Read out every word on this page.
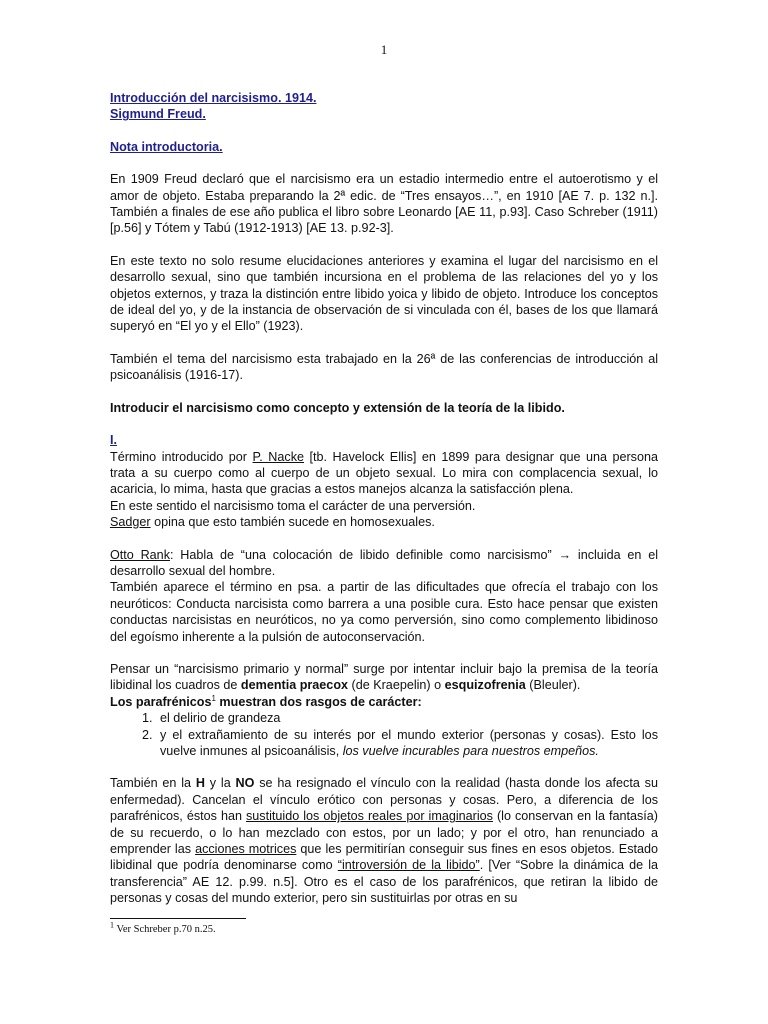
1
Introducción del narcisismo. 1914.
Sigmund Freud.

Nota introductoria.

En 1909 Freud declaró que el narcisismo era un estadio intermedio entre el autoerotismo y el amor de objeto. Estaba preparando la 2ª edic. de “Tres ensayos…”, en 1910 [AE 7. p. 132 n.]. También a finales de ese año publica el libro sobre Leonardo [AE 11, p.93]. Caso Schreber (1911) [p.56] y Tótem y Tabú (1912-1913) [AE 13. p.92-3].

En este texto no solo resume elucidaciones anteriores y examina el lugar del narcisismo en el desarrollo sexual, sino que también incursiona en el problema de las relaciones del yo y los objetos externos, y traza la distinción entre libido yoica y libido de objeto. Introduce los conceptos de ideal del yo, y de la instancia de observación de si vinculada con él, bases de los que llamará superyó en “El yo y el Ello” (1923).

También el tema del narcisismo esta trabajado en la 26ª de las conferencias de introducción al psicoanálisis (1916-17).

Introducir el narcisismo como concepto y extensión de la teoría de la libido.

I.

Término introducido por P. Nacke [tb. Havelock Ellis] en 1899 para designar que una persona trata a su cuerpo como al cuerpo de un objeto sexual. Lo mira con complacencia sexual, lo acaricia, lo mima, hasta que gracias a estos manejos alcanza la satisfacción plena.

En este sentido el narcisismo toma el carácter de una perversión.

Sadger opina que esto también sucede en homosexuales.

Otto Rank: Habla de “una colocación de libido definible como narcisismo” → incluida en el desarrollo sexual del hombre.

También aparece el término en psa. a partir de las dificultades que ofrecía el trabajo con los neuróticos: Conducta narcisista como barrera a una posible cura. Esto hace pensar que existen conductas narcisistas en neuróticos, no ya como perversión, sino como complemento libidinoso del egoísmo inherente a la pulsión de autoconservación.

Pensar un “narcisismo primario y normal” surge por intentar incluir bajo la premisa de la teoría libidinal los cuadros de dementia praecox (de Kraepelin) o esquizofrenia (Bleuler).

Los parafrénicos$^1$ muestran dos rasgos de carácter:

1. el delirio de grandeza
2. y el extrañamiento de su interés por el mundo exterior (personas y cosas). Esto los vuelve inmunes al psicoanálisis, los vuelve incurables para nuestros empeños.

También en la H y la NO se ha resignado el vínculo con la realidad (hasta donde los afecta su enfermedad). Cancelan el vínculo erótico con personas y cosas. Pero, a diferencia de los parafrénicos, éstos han sustituido los objetos reales por imaginarios (lo conservan en la fantasía) de su recuerdo, o lo han mezclado con estos, por un lado; y por el otro, han renunciado a emprender las acciones motrices que les permitirían conseguir sus fines en esos objetos. Estado libidinal que podría denominarse como “introversión de la libido”. [Ver “Sobre la dinámica de la transferencia” AE 12. p.99. n.5]. Otro es el caso de los parafrénicos, que retiran la libido de personas y cosas del mundo exterior, pero sin sustituirlas por otras en su

$^1$ Ver Schreber p.70 n.25.
